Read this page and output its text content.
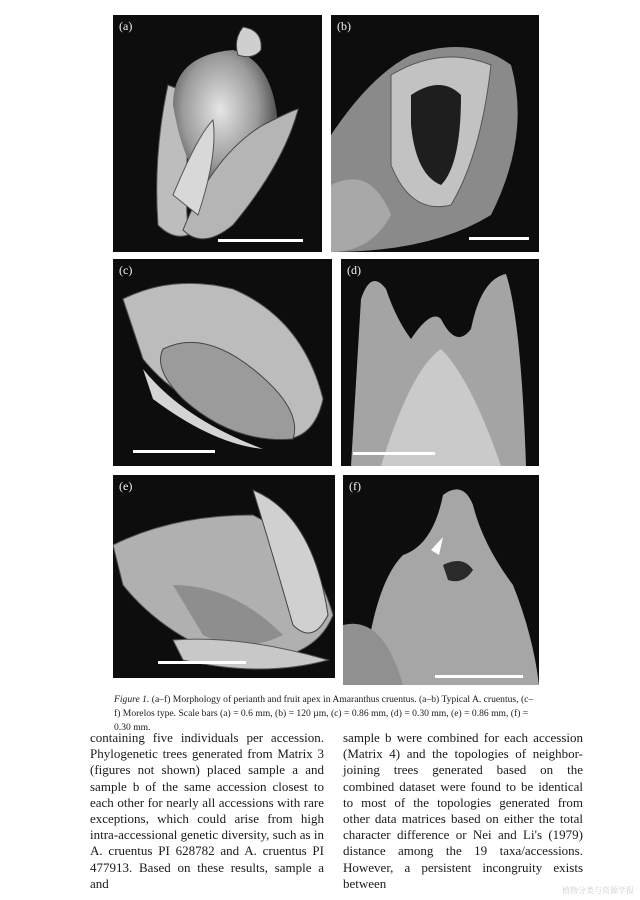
(a)	(b)
(c)	(d)
(e)	(f)
Figure 1. (a–f) Morphology of perianth and fruit apex in Amaranthus cruentus. (a–b) Typical A. cruentus, (c–f) Morelos type. Scale bars (a) = 0.6 mm, (b) = 120 µm, (c) = 0.86 mm, (d) = 0.30 mm, (e) = 0.86 mm, (f) = 0.30 mm.
containing five individuals per accession. Phylogenetic trees generated from Matrix 3 (figures not shown) placed sample a and sample b of the same accession closest to each other for nearly all accessions with rare exceptions, which could arise from high intra-accessional genetic diversity, such as in A. cruentus PI 628782 and A. cruentus PI 477913. Based on these results, sample a and
sample b were combined for each accession (Matrix 4) and the topologies of neighbor-joining trees generated based on the combined dataset were found to be identical to most of the topologies generated from other data matrices based on either the total character difference or Nei and Li's (1979) distance among the 19 taxa/accessions. However, a persistent incongruity exists between	植物分类与资源学报
